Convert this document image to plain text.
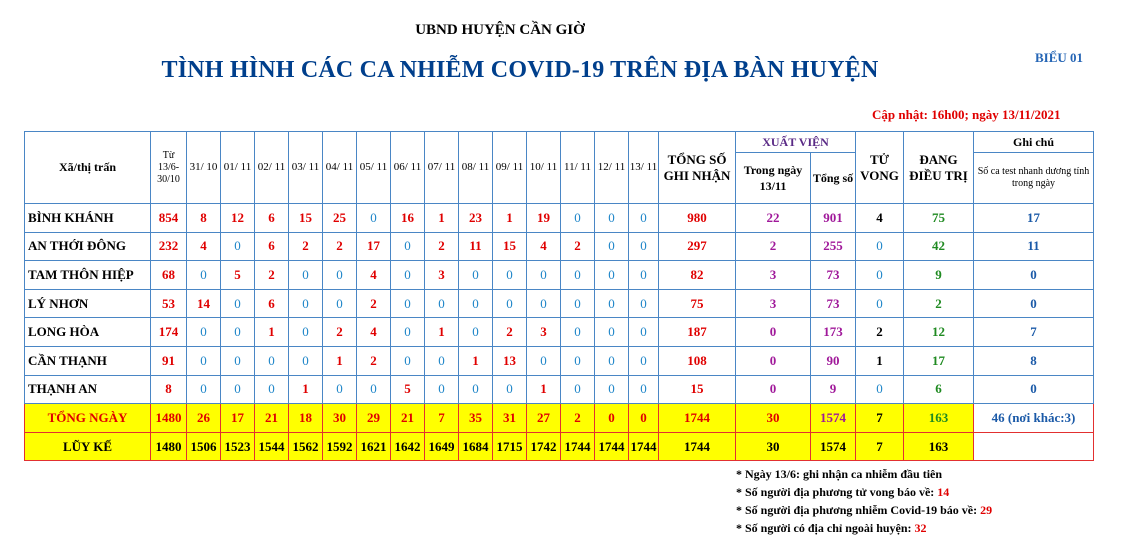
UBND HUYỆN CẦN GIỜ
TÌNH HÌNH CÁC CA NHIỄM COVID-19 TRÊN ĐỊA BÀN HUYỆN	BIỂU 01
Cập nhật: 16h00; ngày 13/11/2021
Xã/thị trấn	Từ 13/6- 30/10	31/ 10	01/ 11	02/ 11	03/ 11	04/ 11	05/ 11	06/ 11	07/ 11	08/ 11	09/ 11	10/ 11	11/ 11	12/ 11	13/ 11	TỔNG SỐ GHI NHẬN	XUẤT VIỆN		TỬ VONG	ĐANG ĐIỀU TRỊ	Ghi chú
																	Trong ngày 13/11	Tổng số			Số ca test nhanh dương tính trong ngày
BÌNH KHÁNH	854	8	12	6	15	25	0	16	1	23	1	19	0	0	0	980	22	901	4	75	17
AN THỚI ĐÔNG	232	4	0	6	2	2	17	0	2	11	15	4	2	0	0	297	2	255	0	42	11
TAM THÔN HIỆP	68	0	5	2	0	0	4	0	3	0	0	0	0	0	0	82	3	73	0	9	0
LÝ NHƠN	53	14	0	6	0	0	2	0	0	0	0	0	0	0	0	75	3	73	0	2	0
LONG HÒA	174	0	0	1	0	2	4	0	1	0	2	3	0	0	0	187	0	173	2	12	7
CẦN THẠNH	91	0	0	0	0	1	2	0	0	1	13	0	0	0	0	108	0	90	1	17	8
THẠNH AN	8	0	0	0	1	0	0	5	0	0	0	1	0	0	0	15	0	9	0	6	0
TỔNG NGÀY	1480	26	17	21	18	30	29	21	7	35	31	27	2	0	0	1744	30	1574	7	163	46 (nơi khác:3)
LŨY KẾ	1480	1506	1523	1544	1562	1592	1621	1642	1649	1684	1715	1742	1744	1744	1744	1744	30	1574	7	163	
* Ngày 13/6: ghi nhận ca nhiễm đầu tiên
* Số người địa phương tử vong báo về: 14
* Số người địa phương nhiễm Covid-19 báo về: 29
* Số người có địa chỉ ngoài huyện: 32
